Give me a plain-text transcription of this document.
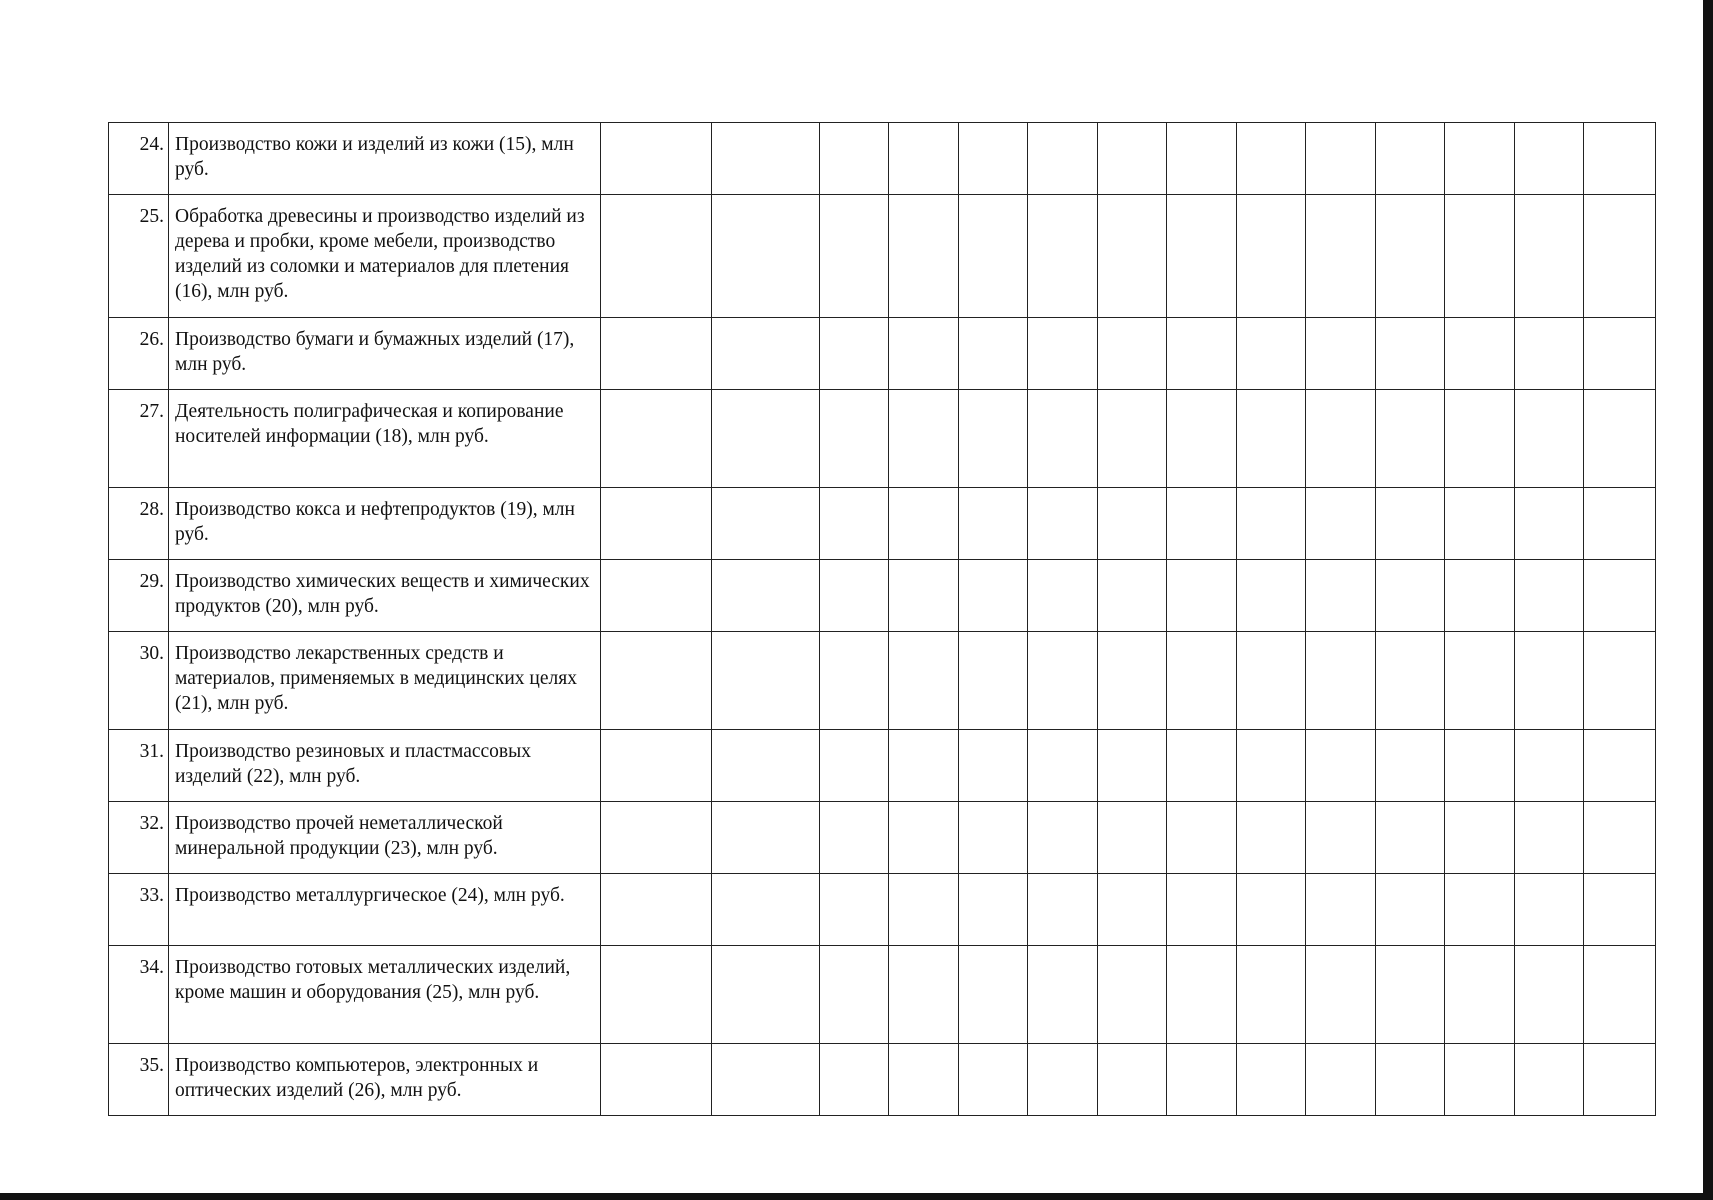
24.	Производство кожи и изделий из кожи (15), млн руб.														
25.	Обработка древесины и производство изделий из дерева и пробки, кроме мебели, производство изделий из соломки и материалов для плетения (16), млн руб.														
26.	Производство бумаги и бумажных изделий (17), млн руб.														
27.	Деятельность полиграфическая и копирование носителей информации (18), млн руб.														
28.	Производство кокса и нефтепродуктов (19), млн руб.														
29.	Производство химических веществ и химических продуктов (20), млн руб.														
30.	Производство лекарственных средств и материалов, применяемых в медицинских целях (21), млн руб.														
31.	Производство резиновых и пластмассовых изделий (22), млн руб.														
32.	Производство прочей неметаллической минеральной продукции (23), млн руб.														
33.	Производство металлургическое (24), млн руб.														
34.	Производство готовых металлических изделий, кроме машин и оборудования (25), млн руб.														
35.	Производство компьютеров, электронных и оптических изделий (26), млн руб.														
